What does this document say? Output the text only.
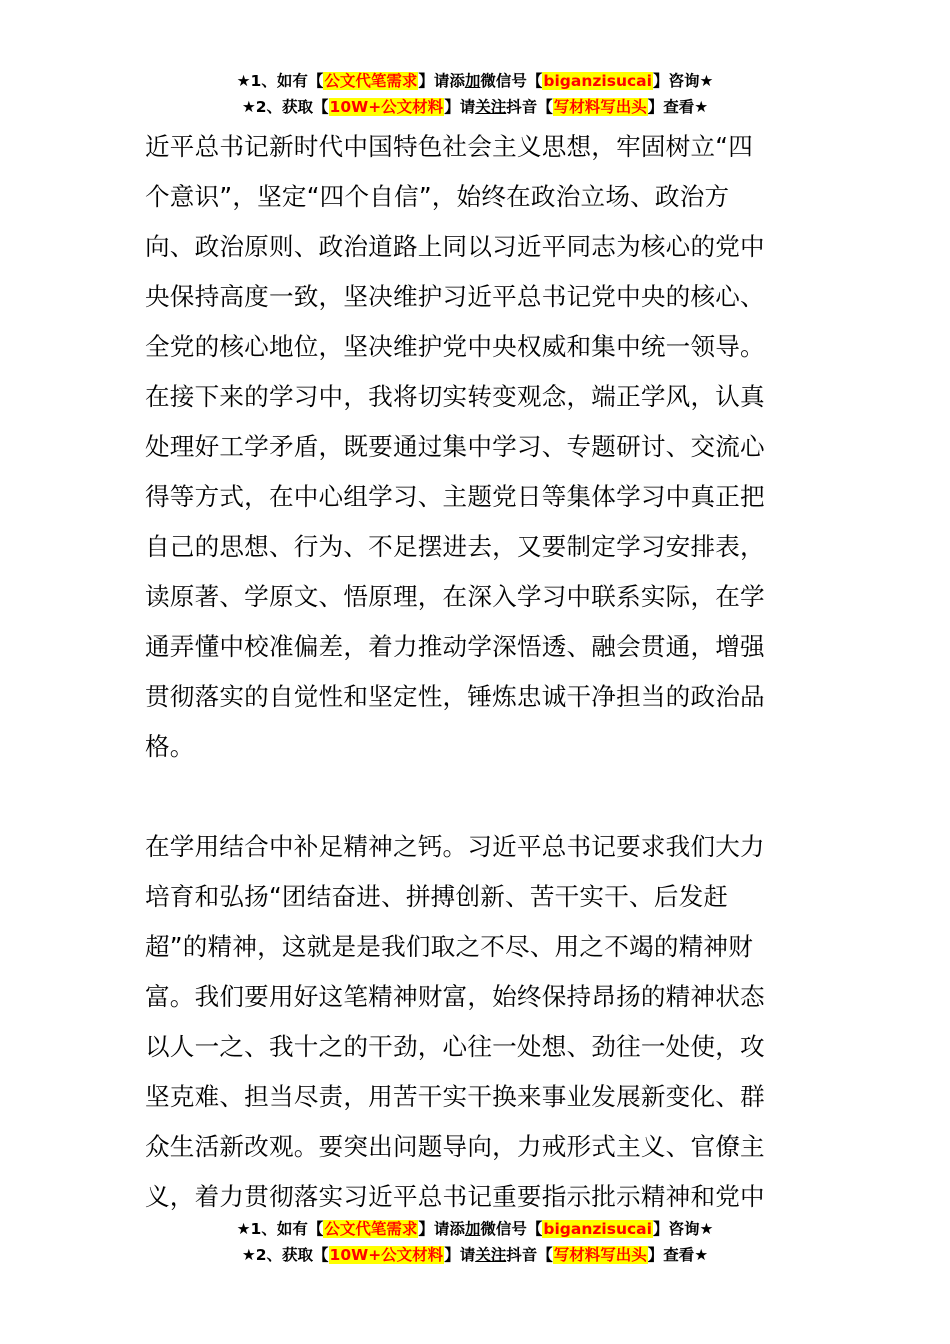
★1、如有【公文代笔需求】请添加微信号【biganzisucai】咨询★
★2、获取【10W+公文材料】请关注抖音【写材料写出头】查看★

近平总书记新时代中国特色社会主义思想，牢固树立“四
个意识”，坚定“四个自信”，始终在政治立场、政治方
向、政治原则、政治道路上同以习近平同志为核心的党中
央保持高度一致，坚决维护习近平总书记党中央的核心、
全党的核心地位，坚决维护党中央权威和集中统一领导。
在接下来的学习中，我将切实转变观念，端正学风，认真
处理好工学矛盾，既要通过集中学习、专题研讨、交流心
得等方式，在中心组学习、主题党日等集体学习中真正把
自己的思想、行为、不足摆进去，又要制定学习安排表，
读原著、学原文、悟原理，在深入学习中联系实际，在学
通弄懂中校准偏差，着力推动学深悟透、融会贯通，增强
贯彻落实的自觉性和坚定性，锤炼忠诚干净担当的政治品
格。

在学用结合中补足精神之钙。习近平总书记要求我们大力
培育和弘扬“团结奋进、拼搏创新、苦干实干、后发赶
超”的精神，这就是是我们取之不尽、用之不竭的精神财
富。我们要用好这笔精神财富，始终保持昂扬的精神状态
以人一之、我十之的干劲，心往一处想、劲往一处使，攻
坚克难、担当尽责，用苦干实干换来事业发展新变化、群
众生活新改观。要突出问题导向，力戒形式主义、官僚主
义，着力贯彻落实习近平总书记重要指示批示精神和党中

★1、如有【公文代笔需求】请添加微信号【biganzisucai】咨询★
★2、获取【10W+公文材料】请关注抖音【写材料写出头】查看★
